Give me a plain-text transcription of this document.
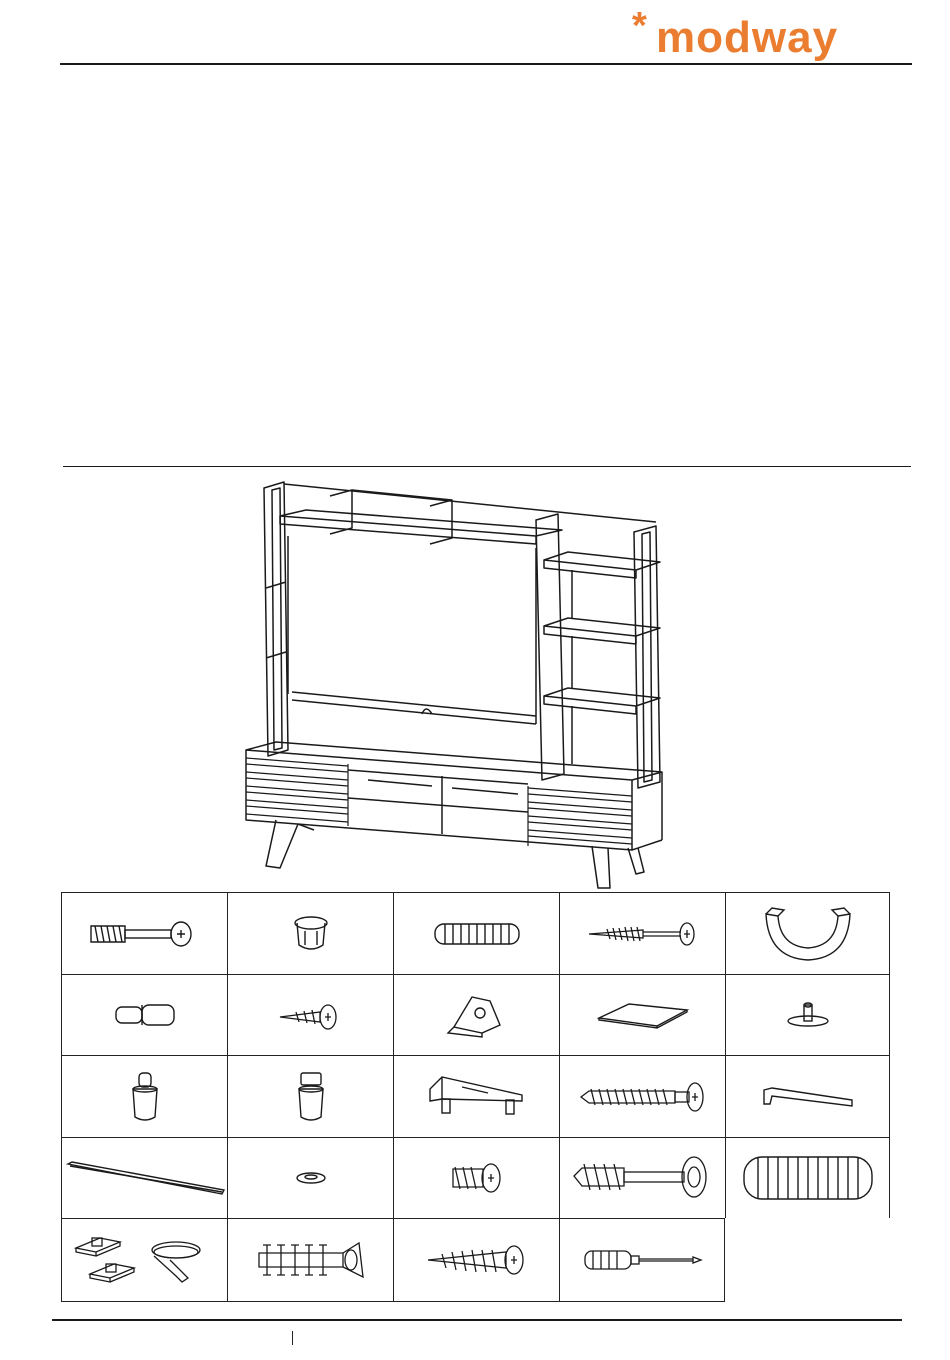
* modway
